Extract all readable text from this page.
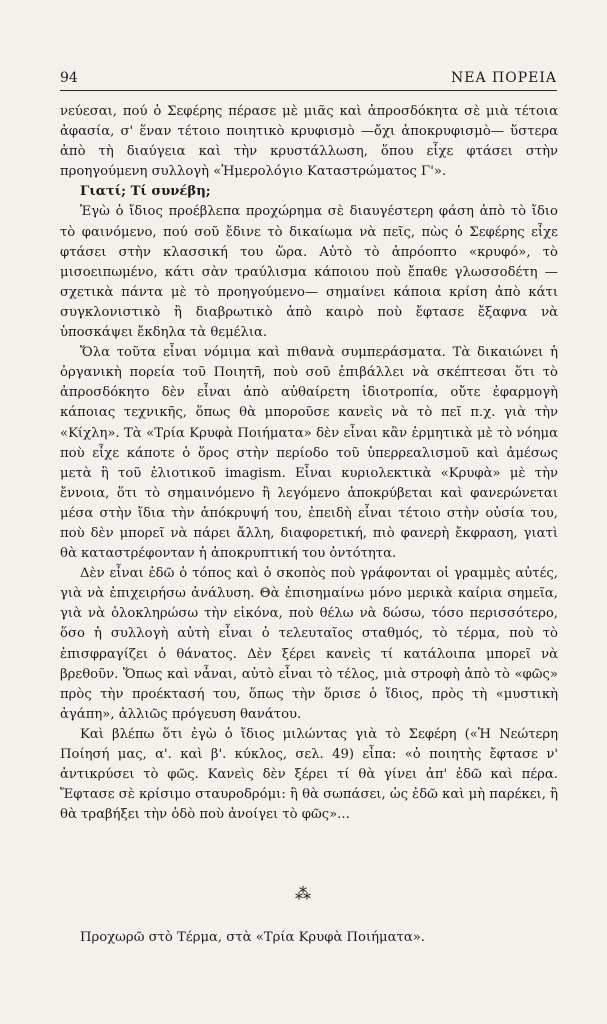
94	ΝΕΑ ΠΟΡΕΙΑ

νεύεσαι, πού ὁ Σεφέρης πέρασε μὲ μιᾶς καὶ ἀπροσδόκητα σὲ μιὰ τέτοια ἀφασία, σ' ἕναν τέτοιο ποιητικὸ κρυφισμὸ —ὄχι ἀποκρυφισμὸ— ὕστερα ἀπὸ τὴ διαύγεια καὶ τὴν κρυστάλλωση, ὅπου εἶχε φτάσει στὴν προηγούμενη συλλογὴ «Ἡμερολόγιο Καταστρώματος Γ'».

Γιατί; Τί συνέβη;

Ἐγὼ ὁ ἴδιος προέβλεπα προχώρημα σὲ διαυγέστερη φάση ἀπὸ τὸ ἴδιο τὸ φαινόμενο, πού σοῦ ἔδινε τὸ δικαίωμα νὰ πεῖς, πὼς ὁ Σεφέρης εἶχε φτάσει στὴν κλασσική του ὥρα. Αὐτὸ τὸ ἀπρόοπτο «κρυφό», τὸ μισοειπωμένο, κάτι σὰν τραύλισμα κάποιου ποὺ ἔπαθε γλωσσοδέτη —σχετικὰ πάντα μὲ τὸ προηγούμενο— σημαίνει κάποια κρίση ἀπὸ κάτι συγκλονιστικὸ ἢ διαβρωτικὸ ἀπὸ καιρὸ ποὺ ἔφτασε ἔξαφνα νὰ ὑποσκάψει ἔκδηλα τὰ θεμέλια.

Ὅλα τοῦτα εἶναι νόμιμα καὶ πιθανὰ συμπεράσματα. Τὰ δικαιώνει ἡ ὀργανικὴ πορεία τοῦ Ποιητῆ, ποὺ σοῦ ἐπιβάλλει νὰ σκέπτεσαι ὅτι τὸ ἀπροσδόκητο δὲν εἶναι ἀπὸ αὐθαίρετη ἰδιοτροπία, οὔτε ἐφαρμογὴ κάποιας τεχνικῆς, ὅπως θὰ μποροῦσε κανεὶς νὰ τὸ πεῖ π.χ. γιὰ τὴν «Κίχλη». Τὰ «Τρία Κρυφὰ Ποιήματα» δὲν εἶναι κἂν ἑρμητικὰ μὲ τὸ νόημα ποὺ εἶχε κάποτε ὁ ὅρος στὴν περίοδο τοῦ ὑπερρεαλισμοῦ καὶ ἀμέσως μετὰ ἢ τοῦ ἐλιοτικοῦ imagism. Εἶναι κυριολεκτικὰ «Κρυφὰ» μὲ τὴν ἔννοια, ὅτι τὸ σημαινόμενο ἢ λεγόμενο ἀποκρύβεται καὶ φανερώνεται μέσα στὴν ἴδια τὴν ἀπόκρυψή του, ἐπειδὴ εἶναι τέτοιο στὴν οὐσία του, ποὺ δὲν μπορεῖ νὰ πάρει ἄλλη, διαφορετική, πιὸ φανερὴ ἔκφραση, γιατὶ θὰ καταστρέφονταν ἡ ἀποκρυπτική του ὀντότητα.

Δὲν εἶναι ἐδῶ ὁ τόπος καὶ ὁ σκοπὸς ποὺ γράφονται οἱ γραμμὲς αὐτές, γιὰ νὰ ἐπιχειρήσω ἀνάλυση. Θὰ ἐπισημαίνω μόνο μερικὰ καίρια σημεῖα, γιὰ νὰ ὁλοκληρώσω τὴν εἰκόνα, ποὺ θέλω νὰ δώσω, τόσο περισσότερο, ὅσο ἡ συλλογὴ αὐτὴ εἶναι ὁ τελευταῖος σταθμός, τὸ τέρμα, ποὺ τὸ ἐπισφραγίζει ὁ θάνατος. Δὲν ξέρει κανεὶς τί κατάλοιπα μπορεῖ νὰ βρεθοῦν. Ὅπως καὶ νἆναι, αὐτὸ εἶναι τὸ τέλος, μιὰ στροφὴ ἀπὸ τὸ «φῶς» πρὸς τὴν προέκτασή του, ὅπως τὴν ὅρισε ὁ ἴδιος, πρὸς τὴ «μυστικὴ ἀγάπη», ἀλλιῶς πρόγευση θανάτου.

Καὶ βλέπω ὅτι ἐγὼ ὁ ἴδιος μιλώντας γιὰ τὸ Σεφέρη («Ἡ Νεώτερη Ποίησή μας, α'. καὶ β'. κύκλος, σελ. 49) εἶπα: «ὁ ποιητὴς ἔφτασε ν' ἀντικρύσει τὸ φῶς. Κανεὶς δὲν ξέρει τί θὰ γίνει ἀπ' ἐδῶ καὶ πέρα. Ἔφτασε σὲ κρίσιμο σταυροδρόμι: ἢ θὰ σωπάσει, ὡς ἐδῶ καὶ μὴ παρέκει, ἢ θὰ τραβήξει τὴν ὁδὸ ποὺ ἀνοίγει τὸ φῶς»...

⁂
Προχωρῶ στὸ Τέρμα, στὰ «Τρία Κρυφὰ Ποιήματα».
